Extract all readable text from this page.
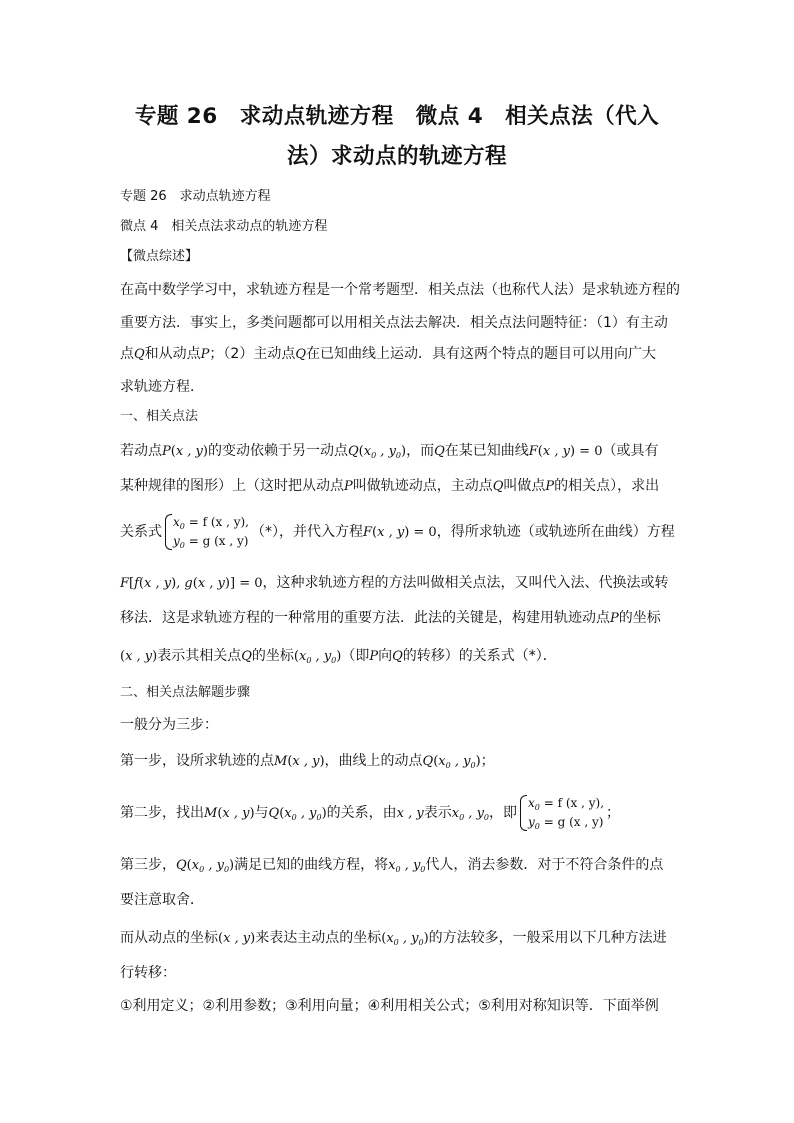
专题 26　求动点轨迹方程　微点 4　相关点法（代入
法）求动点的轨迹方程
专题 26　求动点轨迹方程
微点 4　相关点法求动点的轨迹方程
【微点综述】
在高中数学学习中，求轨迹方程是一个常考题型．相关点法（也称代人法）是求轨迹方程的
重要方法．事实上，多类问题都可以用相关点法去解决．相关点法问题特征：（1）有主动
点Q和从动点P；（2）主动点Q在已知曲线上运动．具有这两个特点的题目可以用向广大
求轨迹方程．
一、相关点法
若动点P(x , y)的变动依赖于另一动点$Q(x_0$ , $y_0$)，而Q在某已知曲线F(x , y) = 0（或具有
某种规律的图形）上（这时把从动点P叫做轨迹动点，主动点Q叫做点P的相关点），求出
关系式
$x_0 = f$ (x , y),
$y_0 = g$ (x , y)
（*），并代入方程F(x , y) = 0，得所求轨迹（或轨迹所在曲线）方程
F[f(x , y), g(x , y)] = 0，这种求轨迹方程的方法叫做相关点法，又叫代入法、代换法或转
移法．这是求轨迹方程的一种常用的重要方法．此法的关键是，构建用轨迹动点P的坐标
(x , y)表示其相关点Q的坐标($x_0$ , $y_0$)（即P向Q的转移）的关系式（*）．
二、相关点法解题步骤
一般分为三步：
第一步，设所求轨迹的点M(x , y)，曲线上的动点$Q(x_0$ , $y_0$)；
第二步，找出M(x , y)与$Q(x_0$ , $y_0$)的关系，由x , y表示$x_0$ , $y_0$，即
$x_0 = f$ (x , y),
$y_0 = g$ (x , y)
；
第三步，$Q(x_0$ , $y_0$)满足已知的曲线方程，将$x_0$ , $y_0$代人，消去参数．对于不符合条件的点
要注意取舍．
而从动点的坐标(x , y)来表达主动点的坐标($x_0$ , $y_0$)的方法较多，一般采用以下几种方法进
行转移：
①利用定义；②利用参数；③利用向量；④利用相关公式；⑤利用对称知识等．下面举例
